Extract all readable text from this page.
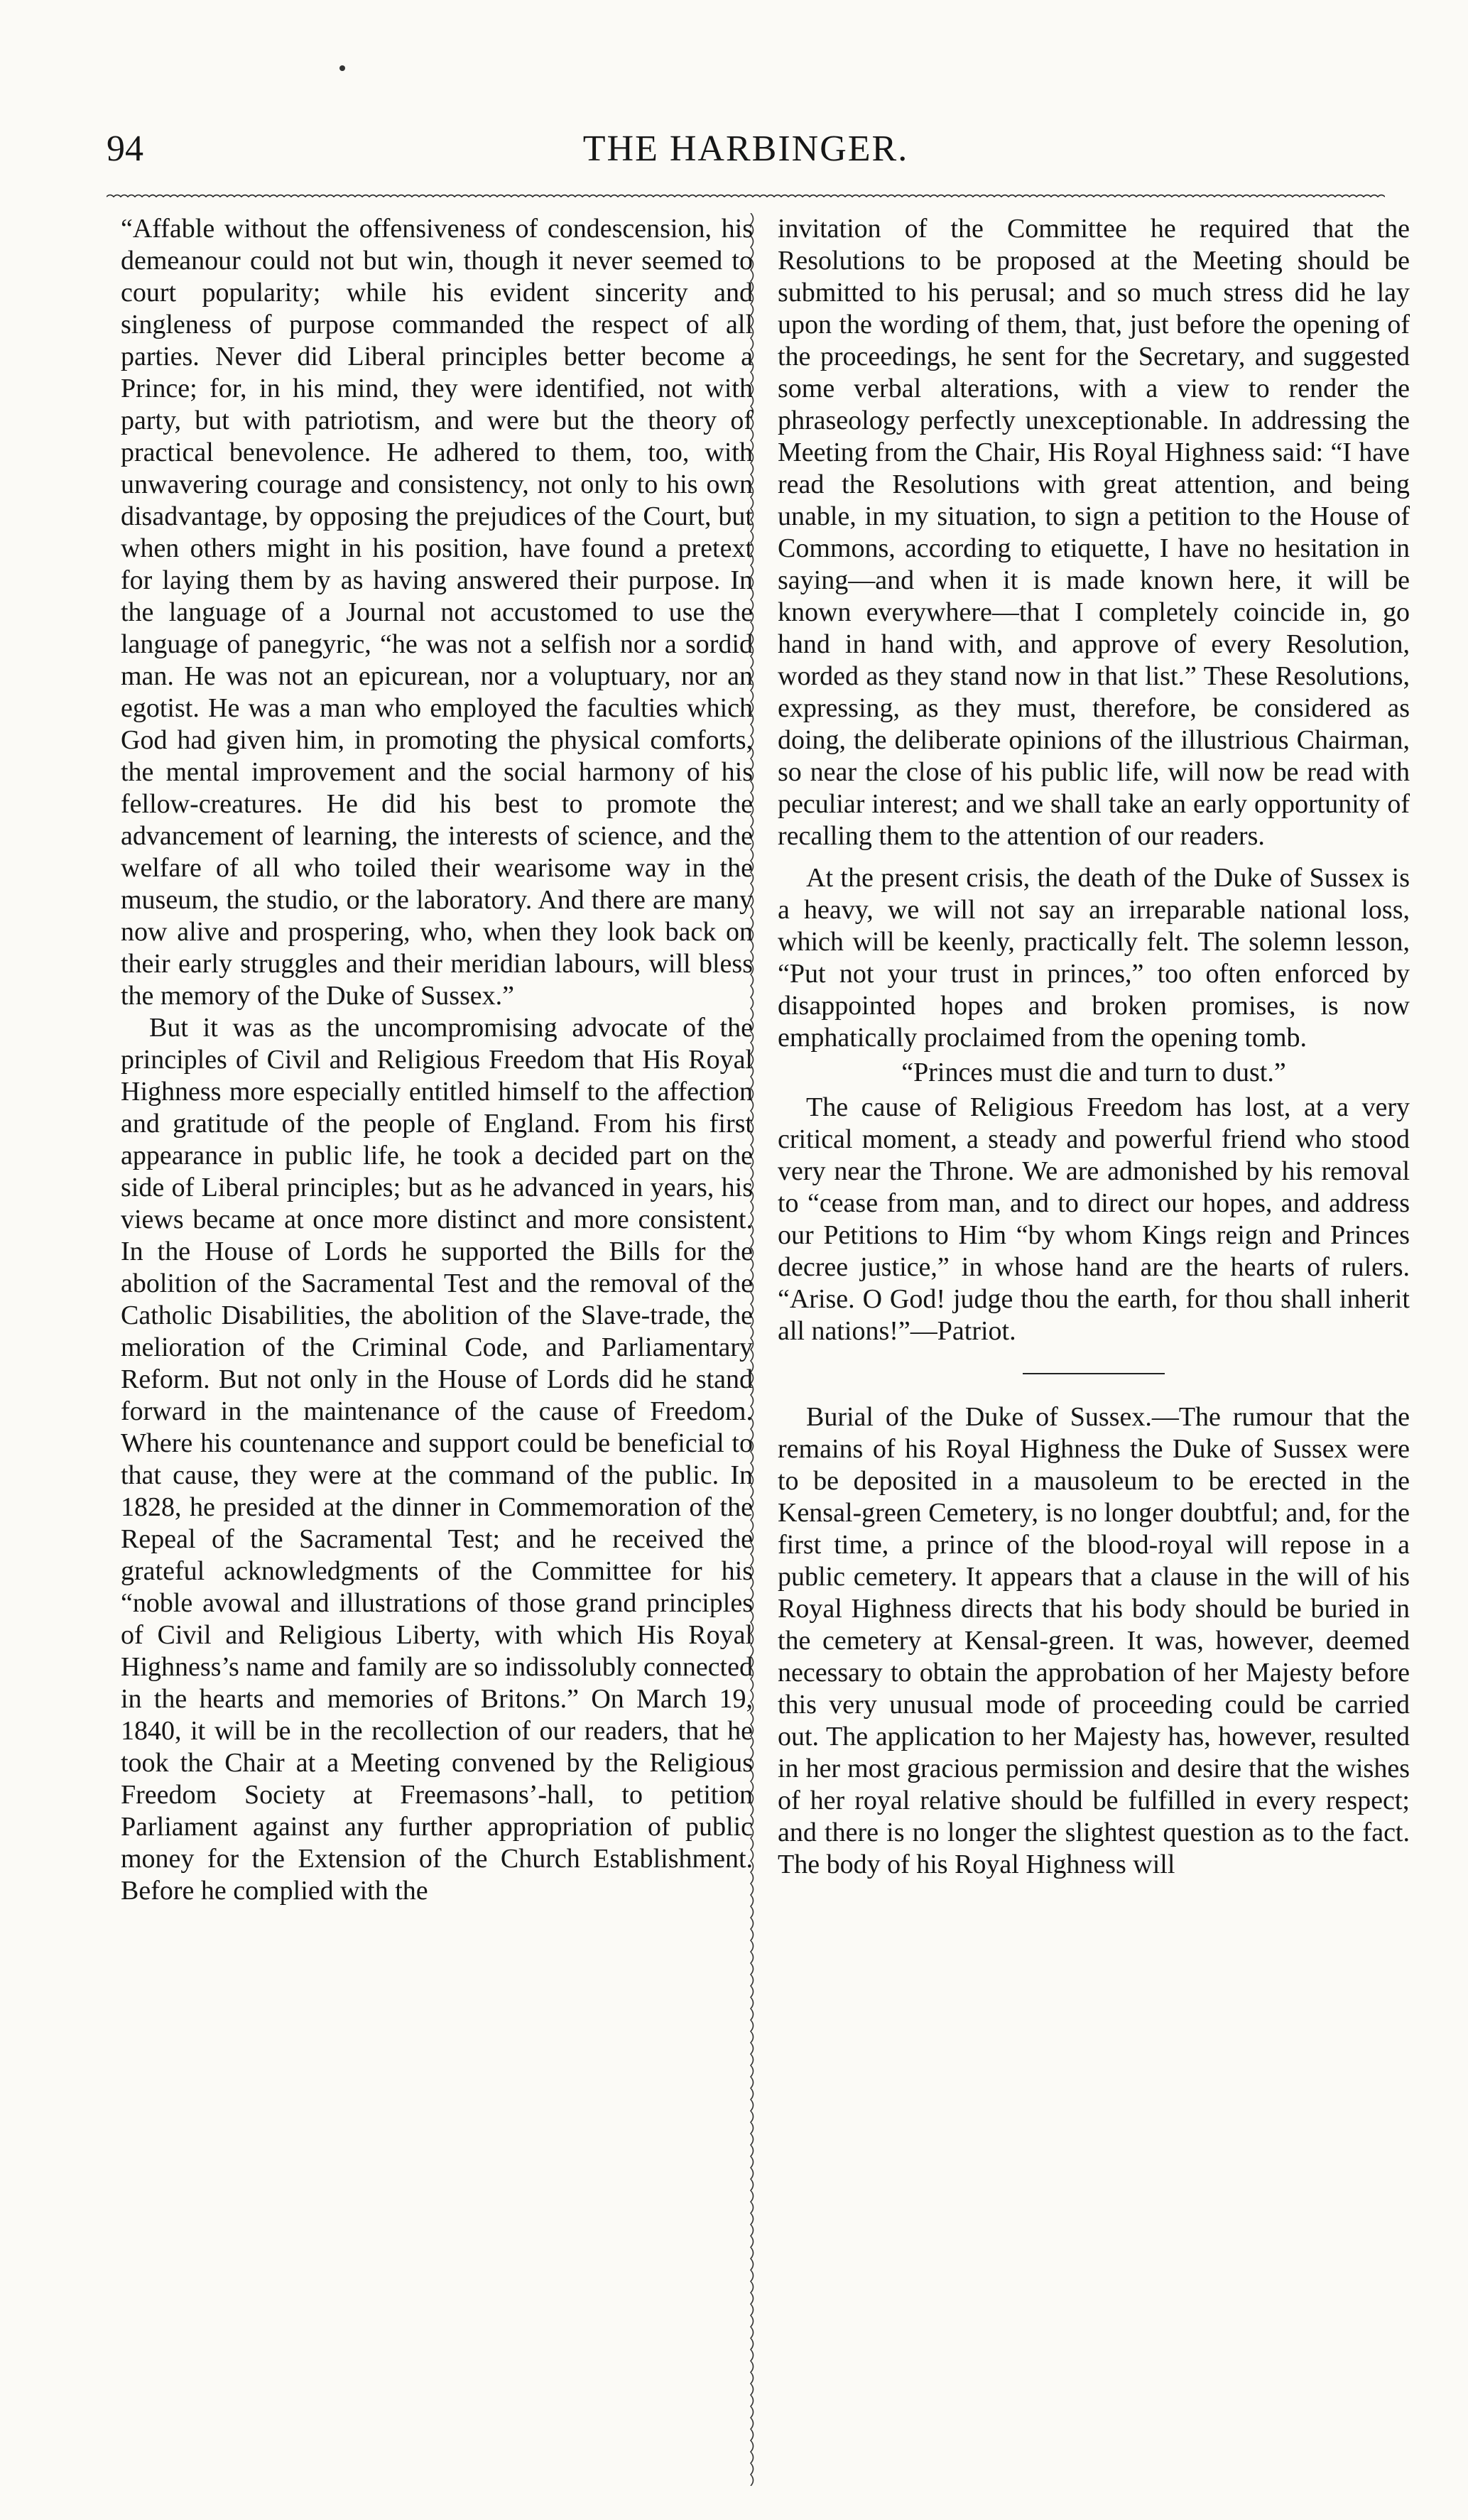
94	THE HARBINGER.

“Affable without the offensiveness of condescension, his demeanour could not but win, though it never seemed to court popularity; while his evident sincerity and singleness of purpose commanded the respect of all parties. Never did Liberal principles better become a Prince; for, in his mind, they were identified, not with party, but with patriotism, and were but the theory of practical benevolence. He adhered to them, too, with unwavering courage and consistency, not only to his own disadvantage, by opposing the prejudices of the Court, but when others might in his position, have found a pretext for laying them by as having answered their purpose. In the language of a Journal not accustomed to use the language of panegyric, “he was not a selfish nor a sordid man. He was not an epicurean, nor a voluptuary, nor an egotist. He was a man who employed the faculties which God had given him, in promoting the physical comforts, the mental improvement and the social harmony of his fellow-creatures. He did his best to promote the advancement of learning, the interests of science, and the welfare of all who toiled their wearisome way in the museum, the studio, or the laboratory. And there are many now alive and prospering, who, when they look back on their early struggles and their meridian labours, will bless the memory of the Duke of Sussex.”

But it was as the uncompromising advocate of the principles of Civil and Religious Freedom that His Royal Highness more especially entitled himself to the affection and gratitude of the people of England. From his first appearance in public life, he took a decided part on the side of Liberal principles; but as he advanced in years, his views became at once more distinct and more consistent. In the House of Lords he supported the Bills for the abolition of the Sacramental Test and the removal of the Catholic Disabilities, the abolition of the Slave-trade, the melioration of the Criminal Code, and Parliamentary Reform. But not only in the House of Lords did he stand forward in the maintenance of the cause of Freedom. Where his countenance and support could be beneficial to that cause, they were at the command of the public. In 1828, he presided at the dinner in Commemoration of the Repeal of the Sacramental Test; and he received the grateful acknowledgments of the Committee for his “noble avowal and illustrations of those grand principles of Civil and Religious Liberty, with which His Royal Highness’s name and family are so indissolubly connected in the hearts and memories of Britons.” On March 19, 1840, it will be in the recollection of our readers, that he took the Chair at a Meeting convened by the Religious Freedom Society at Freemasons’-hall, to petition Parliament against any further appropriation of public money for the Extension of the Church Establishment. Before he complied with the

invitation of the Committee he required that the Resolutions to be proposed at the Meeting should be submitted to his perusal; and so much stress did he lay upon the wording of them, that, just before the opening of the proceedings, he sent for the Secretary, and suggested some verbal alterations, with a view to render the phraseology perfectly unexceptionable. In addressing the Meeting from the Chair, His Royal Highness said: “I have read the Resolutions with great attention, and being unable, in my situation, to sign a petition to the House of Commons, according to etiquette, I have no hesitation in saying—and when it is made known here, it will be known everywhere—that I completely coincide in, go hand in hand with, and approve of every Resolution, worded as they stand now in that list.” These Resolutions, expressing, as they must, therefore, be considered as doing, the deliberate opinions of the illustrious Chairman, so near the close of his public life, will now be read with peculiar interest; and we shall take an early opportunity of recalling them to the attention of our readers.

At the present crisis, the death of the Duke of Sussex is a heavy, we will not say an irreparable national loss, which will be keenly, practically felt. The solemn lesson, “Put not your trust in princes,” too often enforced by disappointed hopes and broken promises, is now emphatically proclaimed from the opening tomb.

“Princes must die and turn to dust.”

The cause of Religious Freedom has lost, at a very critical moment, a steady and powerful friend who stood very near the Throne. We are admonished by his removal to “cease from man, and to direct our hopes, and address our Petitions to Him “by whom Kings reign and Princes decree justice,” in whose hand are the hearts of rulers. “Arise. O God! judge thou the earth, for thou shall inherit all nations!”—Patriot.

Burial of the Duke of Sussex.—The rumour that the remains of his Royal Highness the Duke of Sussex were to be deposited in a mausoleum to be erected in the Kensal-green Cemetery, is no longer doubtful; and, for the first time, a prince of the blood-royal will repose in a public cemetery. It appears that a clause in the will of his Royal Highness directs that his body should be buried in the cemetery at Kensal-green. It was, however, deemed necessary to obtain the approbation of her Majesty before this very unusual mode of proceeding could be carried out. The application to her Majesty has, however, resulted in her most gracious permission and desire that the wishes of her royal relative should be fulfilled in every respect; and there is no longer the slightest question as to the fact. The body of his Royal Highness will
